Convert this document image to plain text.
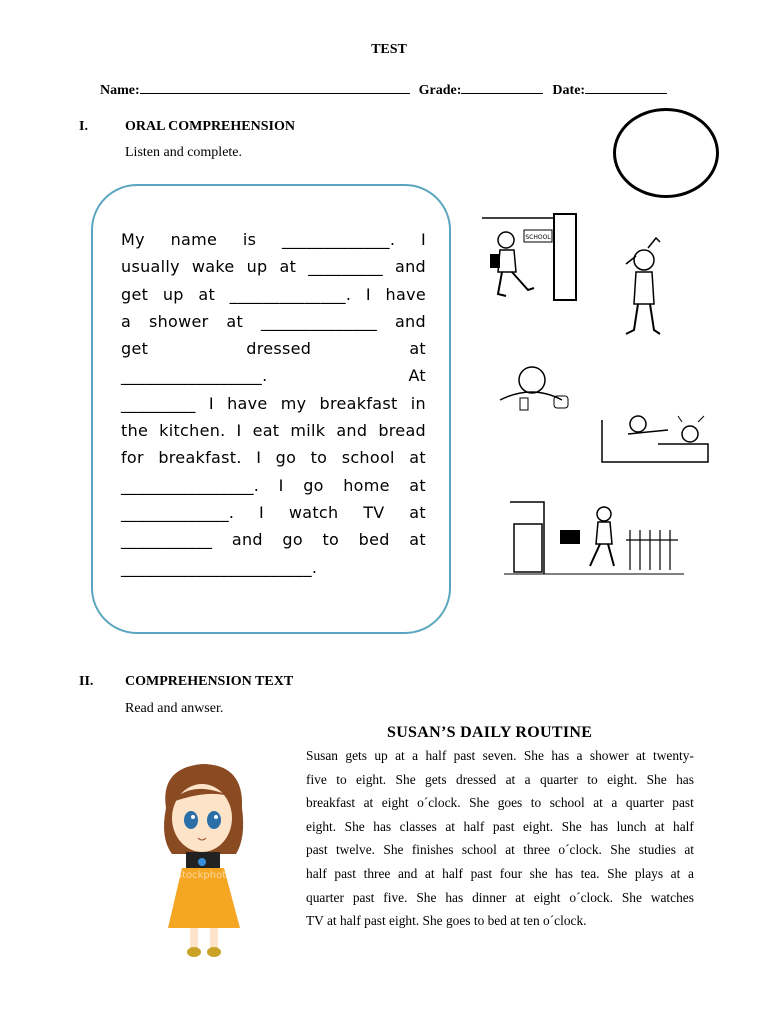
TEST
Name:	Grade:	Date:
I.	ORAL COMPREHENSION
Listen and complete.
My name is _____________. I
usually wake up at _________ and
get up at ______________. I have
a shower at ______________ and
get	dressed	at
_________________.	At
_________ I have my breakfast in
the kitchen. I eat milk and bread
for breakfast. I go to school at
________________. I go home at
_____________. I watch TV at
___________ and go to bed at
_______________________.
SCHOOL
II. COMPREHENSION TEXT
Read and anwser.
SUSAN’S DAILY ROUTINE
Susan gets up at a half past seven. She has a shower at twenty-
five to eight. She gets dressed at a quarter to eight. She has
breakfast at eight o´clock. She goes to school at a quarter past
eight. She has classes at half past eight. She has lunch at half
past twelve. She finishes school at three o´clock. She studies at
half past three and at half past four she has tea. She plays at a
quarter past five. She has dinner at eight o´clock. She watches
TV at half past eight. She goes to bed at ten o´clock.
Stockphoto
